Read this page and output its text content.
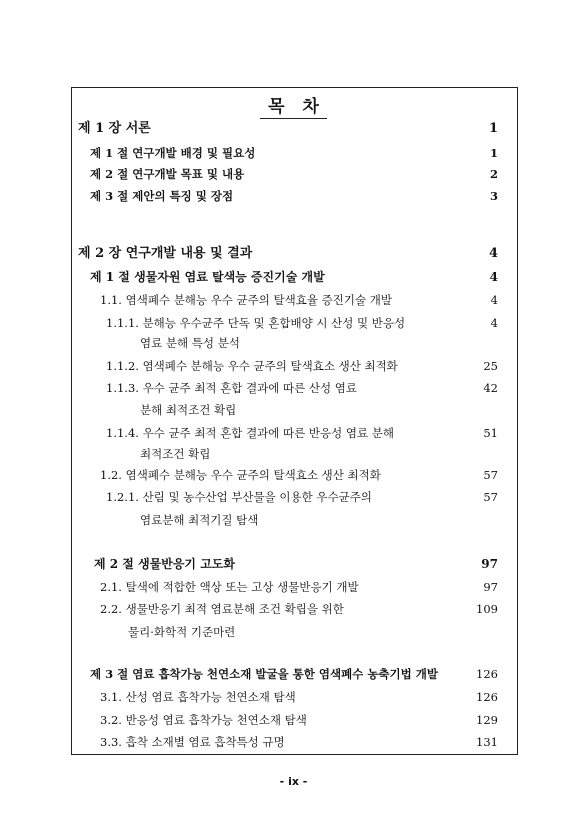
목 차
제 1 장 서론	1
제 1 절 연구개발 배경 및 필요성	1
제 2 절 연구개발 목표 및 내용	2
제 3 절 제안의 특징 및 장점	3
제 2 장 연구개발 내용 및 결과	4
제 1 절 생물자원 염료 탈색능 증진기술 개발	4
1.1. 염색폐수 분해능 우수 균주의 탈색효율 증진기술 개발	4
1.1.1. 분해능 우수균주 단독 및 혼합배양 시 산성 및 반응성	4
염료 분해 특성 분석
1.1.2. 염색폐수 분해능 우수 균주의 탈색효소 생산 최적화	25
1.1.3. 우수 균주 최적 혼합 결과에 따른 산성 염료	42
분해 최적조건 확립
1.1.4. 우수 균주 최적 혼합 결과에 따른 반응성 염료 분해	51
최적조건 확립
1.2. 염색폐수 분해능 우수 균주의 탈색효소 생산 최적화	57
1.2.1. 산림 및 농수산업 부산물을 이용한 우수균주의	57
염료분해 최적기질 탐색
제 2 절 생물반응기 고도화	97
2.1. 탈색에 적합한 액상 또는 고상 생물반응기 개발	97
2.2. 생물반응기 최적 염료분해 조건 확립을 위한	109
물리·화학적 기준마련
제 3 절 염료 흡착가능 천연소재 발굴을 통한 염색폐수 농축기법 개발	126
3.1. 산성 염료 흡착가능 천연소재 탐색	126
3.2. 반응성 염료 흡착가능 천연소재 탐색	129
3.3. 흡착 소재별 염료 흡착특성 규명	131
- ix -
